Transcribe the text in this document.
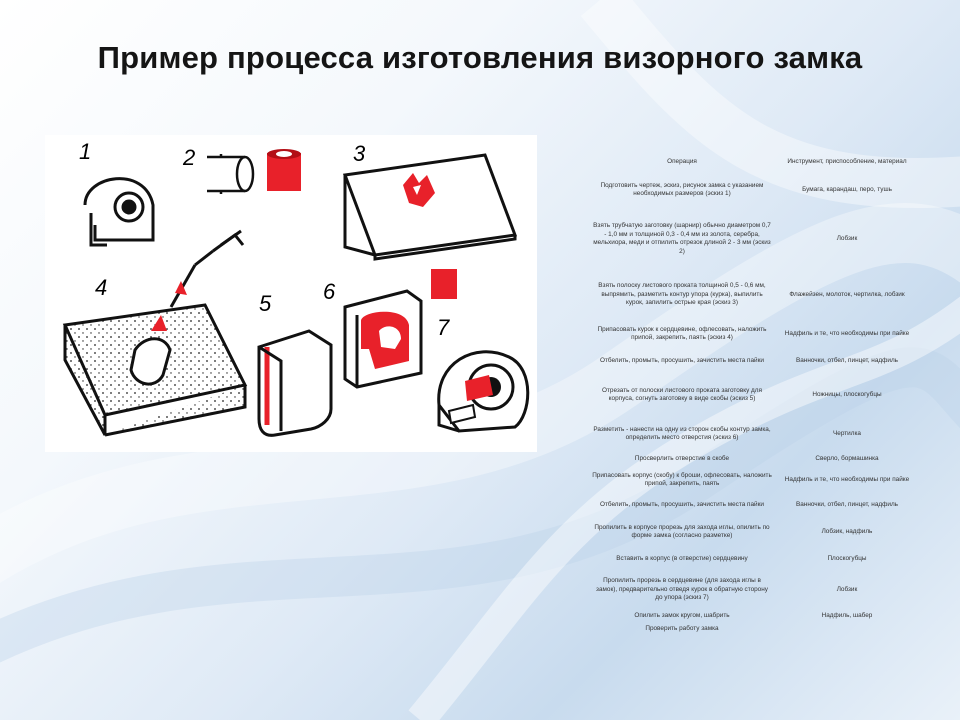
Пример процесса изготовления визорного замка
1	2	3
4
5 6
7
Операция	Инструмент, приспособление, материал
Подготовить чертеж, эскиз, рисунок замка с указанием необходимых размеров (эскиз 1)	Бумага, карандаш, перо, тушь
Взять трубчатую заготовку (шарнир) обычно диаметром 0,7 - 1,0 мм и толщиной 0,3 - 0,4 мм из золота, серебра, мельхиора, меди и отпилить отрезок длиной 2 - 3 мм (эскиз 2)	Лобзик
Взять полоску листового проката толщиной 0,5 - 0,6 мм, выпрямить, разметить контур упора (курка), выпилить курок, запилить острые края (эскиз 3)	Флажейзен, молоток, чертилка, лобзик
Припасовать курок к сердцевине, офлесовать, наложить припой, закрепить, паять (эскиз 4)	Надфиль и те, что необходимы при пайке
Отбелить, промыть, просушить, зачистить места пайки	Ванночки, отбел, пинцет, надфиль
Отрезать от полоски листового проката заготовку для корпуса, согнуть заготовку в виде скобы (эскиз 5)	Ножницы, плоскогубцы
Разметить - нанести на одну из сторон скобы контур замка, определить место отверстия (эскиз 6)	Чертилка
Просверлить отверстие в скобе	Сверло, бормашинка
Припасовать корпус (скобу) к броши, офлесовать, наложить припой, закрепить, паять	Надфиль и те, что необходимы при пайке
Отбелить, промыть, просушить, зачистить места пайки	Ванночки, отбел, пинцет, надфиль
Пропилить в корпусе прорезь для захода иглы, опилить по форме замка (согласно разметке)	Лобзик, надфиль
Вставить в корпус (в отверстие) сердцевину	Плоскогубцы
Пропилить прорезь в сердцевине (для захода иглы в замок), предварительно отведя курок в обратную сторону до упора (эскиз 7)	Лобзик
Опилить замок кругом, шабрить	Надфиль, шабер
Проверить работу замка	
